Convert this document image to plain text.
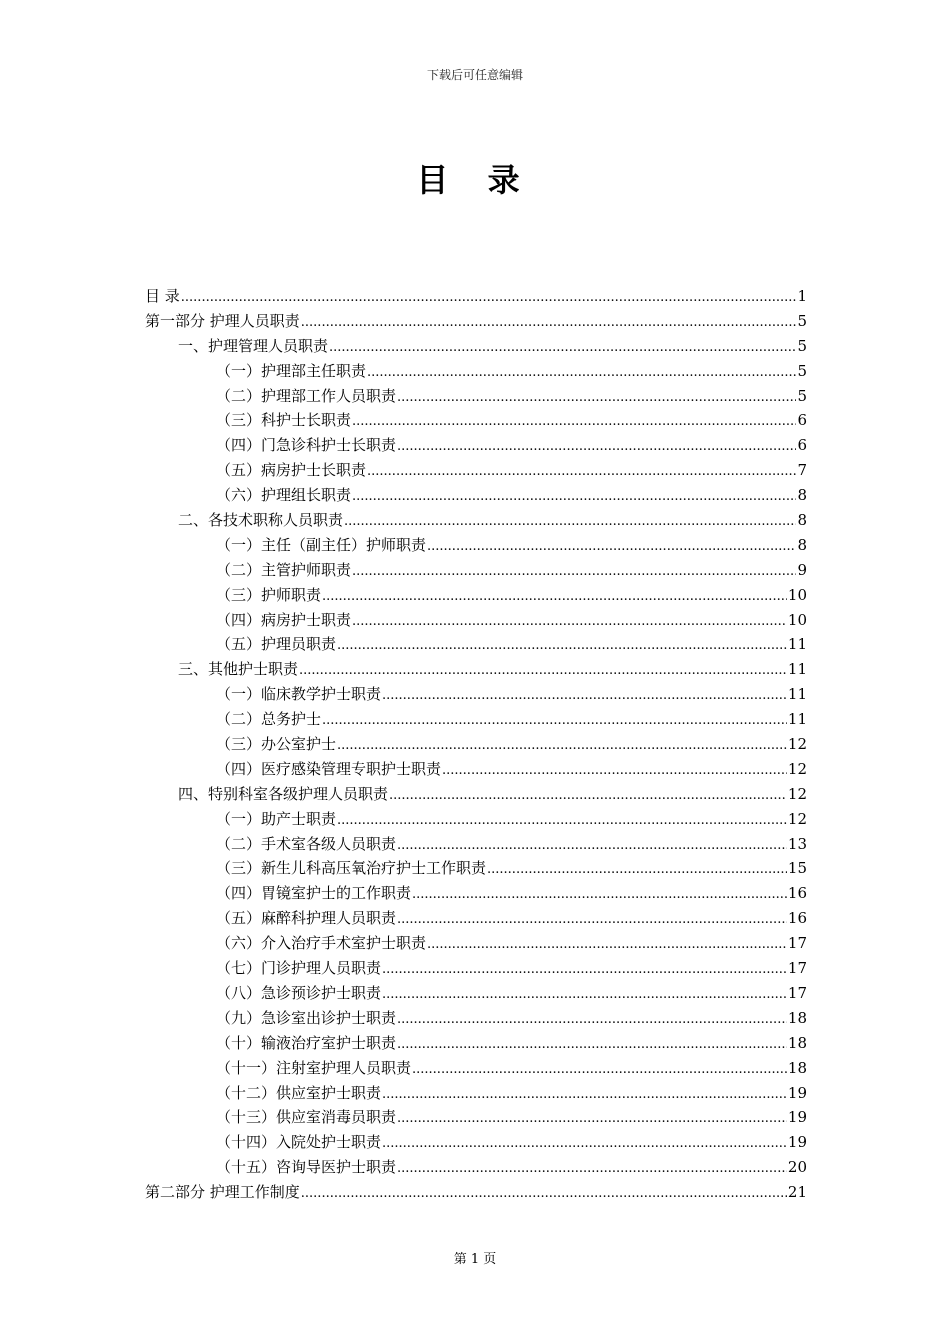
下载后可任意编辑
目 录
目 录 .....	1
第一部分 护理人员职责 .....	5
一、护理管理人员职责 .....	5
（一）护理部主任职责 .....	5
（二）护理部工作人员职责 .....	5
（三）科护士长职责 .....	6
（四）门急诊科护士长职责 .....	6
（五）病房护士长职责 .....	7
（六）护理组长职责 .....	8
二、各技术职称人员职责 .....	8
（一）主任（副主任）护师职责 .....	8
（二）主管护师职责 .....	9
（三）护师职责 .....	10
（四）病房护士职责 .....	10
（五）护理员职责 .....	11
三、其他护士职责 .....	11
（一）临床教学护士职责 .....	11
（二）总务护士 .....	11
（三）办公室护士 .....	12
（四）医疗感染管理专职护士职责 .....	12
四、特别科室各级护理人员职责 .....	12
（一）助产士职责 .....	12
（二）手术室各级人员职责 .....	13
（三）新生儿科高压氧治疗护士工作职责 .....	15
（四）胃镜室护士的工作职责 .....	16
（五）麻醉科护理人员职责 .....	16
（六）介入治疗手术室护士职责 .....	17
（七）门诊护理人员职责 .....	17
（八）急诊预诊护士职责 .....	17
（九）急诊室出诊护士职责 .....	18
（十）输液治疗室护士职责 .....	18
（十一）注射室护理人员职责 .....	18
（十二）供应室护士职责 .....	19
（十三）供应室消毒员职责 .....	19
（十四）入院处护士职责 .....	19
（十五）咨询导医护士职责 .....	20
第二部分 护理工作制度 .....	21
第 1 页
